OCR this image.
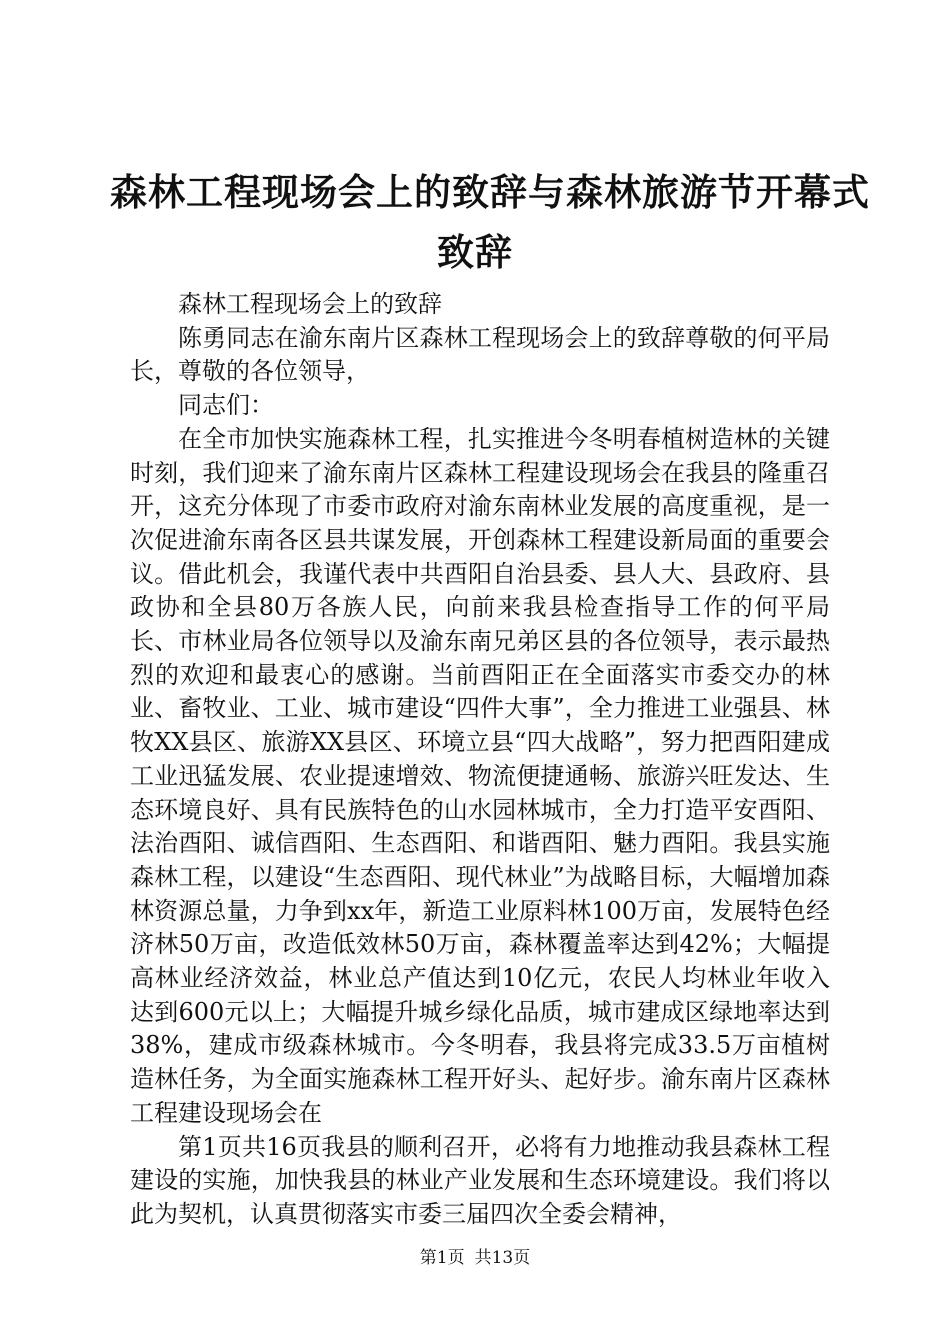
森林工程现场会上的致辞与森林旅游节开幕式
致辞

森林工程现场会上的致辞

陈勇同志在渝东南片区森林工程现场会上的致辞尊敬的何平局长，尊敬的各位领导，

同志们：

在全市加快实施森林工程，扎实推进今冬明春植树造林的关键时刻，我们迎来了渝东南片区森林工程建设现场会在我县的隆重召开，这充分体现了市委市政府对渝东南林业发展的高度重视，是一次促进渝东南各区县共谋发展，开创森林工程建设新局面的重要会议。借此机会，我谨代表中共酉阳自治县委、县人大、县政府、县政协和全县80万各族人民，向前来我县检查指导工作的何平局长、市林业局各位领导以及渝东南兄弟区县的各位领导，表示最热烈的欢迎和最衷心的感谢。当前酉阳正在全面落实市委交办的林业、畜牧业、工业、城市建设“四件大事”，全力推进工业强县、林牧XX县区、旅游XX县区、环境立县“四大战略”，努力把酉阳建成工业迅猛发展、农业提速增效、物流便捷通畅、旅游兴旺发达、生态环境良好、具有民族特色的山水园林城市，全力打造平安酉阳、法治酉阳、诚信酉阳、生态酉阳、和谐酉阳、魅力酉阳。我县实施森林工程，以建设“生态酉阳、现代林业”为战略目标，大幅增加森林资源总量，力争到xx年，新造工业原料林100万亩，发展特色经济林50万亩，改造低效林50万亩，森林覆盖率达到42%；大幅提高林业经济效益，林业总产值达到10亿元，农民人均林业年收入达到600元以上；大幅提升城乡绿化品质，城市建成区绿地率达到38%，建成市级森林城市。今冬明春，我县将完成33.5万亩植树造林任务，为全面实施森林工程开好头、起好步。渝东南片区森林工程建设现场会在

第1页共16页我县的顺利召开，必将有力地推动我县森林工程建设的实施，加快我县的林业产业发展和生态环境建设。我们将以此为契机，认真贯彻落实市委三届四次全委会精神，

第1页 共13页
